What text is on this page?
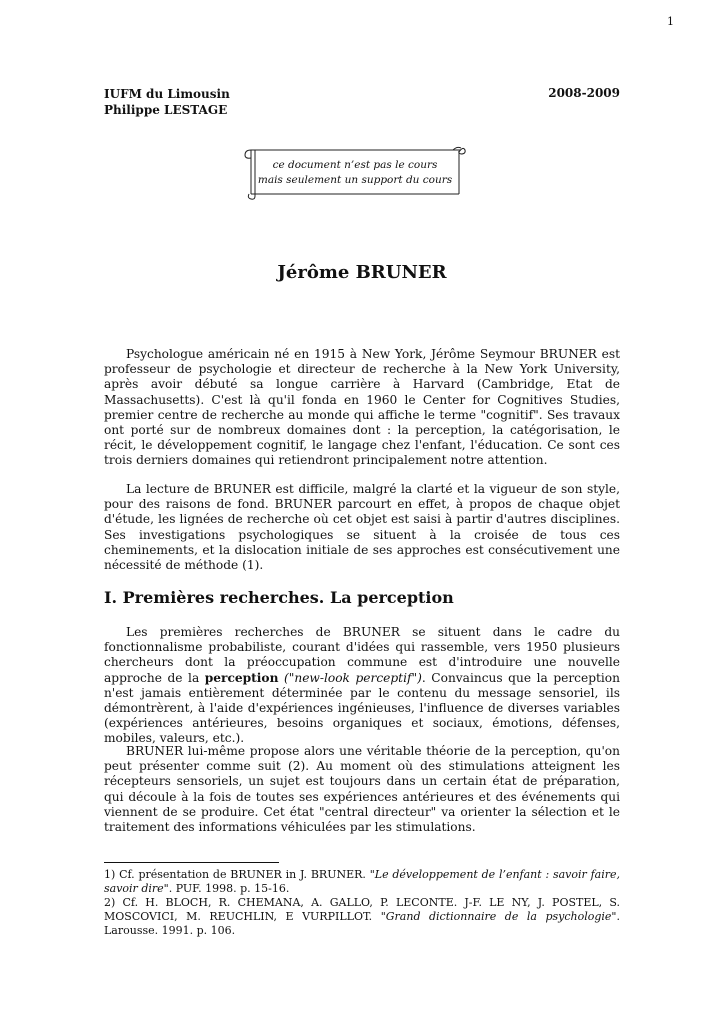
1
IUFM du Limousin
Philippe LESTAGE
2008-2009
ce document n’est pas le cours
mais seulement un support du cours
Jérôme BRUNER

Psychologue américain né en 1915 à New York, Jérôme Seymour BRUNER est professeur de psychologie et directeur de recherche à la New York University, après avoir débuté sa longue carrière à Harvard (Cambridge, Etat de Massachusetts). C'est là qu'il fonda en 1960 le Center for Cognitives Studies, premier centre de recherche au monde qui affiche le terme "cognitif". Ses travaux ont porté sur de nombreux domaines dont : la perception, la catégorisation, le récit, le développement cognitif, le langage chez l'enfant, l'éducation. Ce sont ces trois derniers domaines qui retiendront principalement notre attention.

La lecture de BRUNER est difficile, malgré la clarté et la vigueur de son style, pour des raisons de fond. BRUNER parcourt en effet, à propos de chaque objet d'étude, les lignées de recherche où cet objet est saisi à partir d'autres disciplines. Ses investigations psychologiques se situent à la croisée de tous ces cheminements, et la dislocation initiale de ses approches est consécutivement une nécessité de méthode (1).

I. Premières recherches. La perception

Les premières recherches de BRUNER se situent dans le cadre du fonctionnalisme probabiliste, courant d'idées qui rassemble, vers 1950 plusieurs chercheurs dont la préoccupation commune est d'introduire une nouvelle approche de la perception ("new-look perceptif"). Convaincus que la perception n'est jamais entièrement déterminée par le contenu du message sensoriel, ils démontrèrent, à l'aide d'expériences ingénieuses, l'influence de diverses variables (expériences antérieures, besoins organiques et sociaux, émotions, défenses, mobiles, valeurs, etc.).

BRUNER lui-même propose alors une véritable théorie de la perception, qu'on peut présenter comme suit (2). Au moment où des stimulations atteignent les récepteurs sensoriels, un sujet est toujours dans un certain état de préparation, qui découle à la fois de toutes ses expériences antérieures et des événements qui viennent de se produire. Cet état "central directeur" va orienter la sélection et le traitement des informations véhiculées par les stimulations.

1) Cf. présentation de BRUNER in J. BRUNER. "Le développement de l’enfant : savoir faire, savoir dire". PUF. 1998. p. 15-16.
2) Cf. H. BLOCH, R. CHEMANA, A. GALLO, P. LECONTE. J-F. LE NY, J. POSTEL, S. MOSCOVICI, M. REUCHLIN, E VURPILLOT. "Grand dictionnaire de la psychologie". Larousse. 1991. p. 106.
